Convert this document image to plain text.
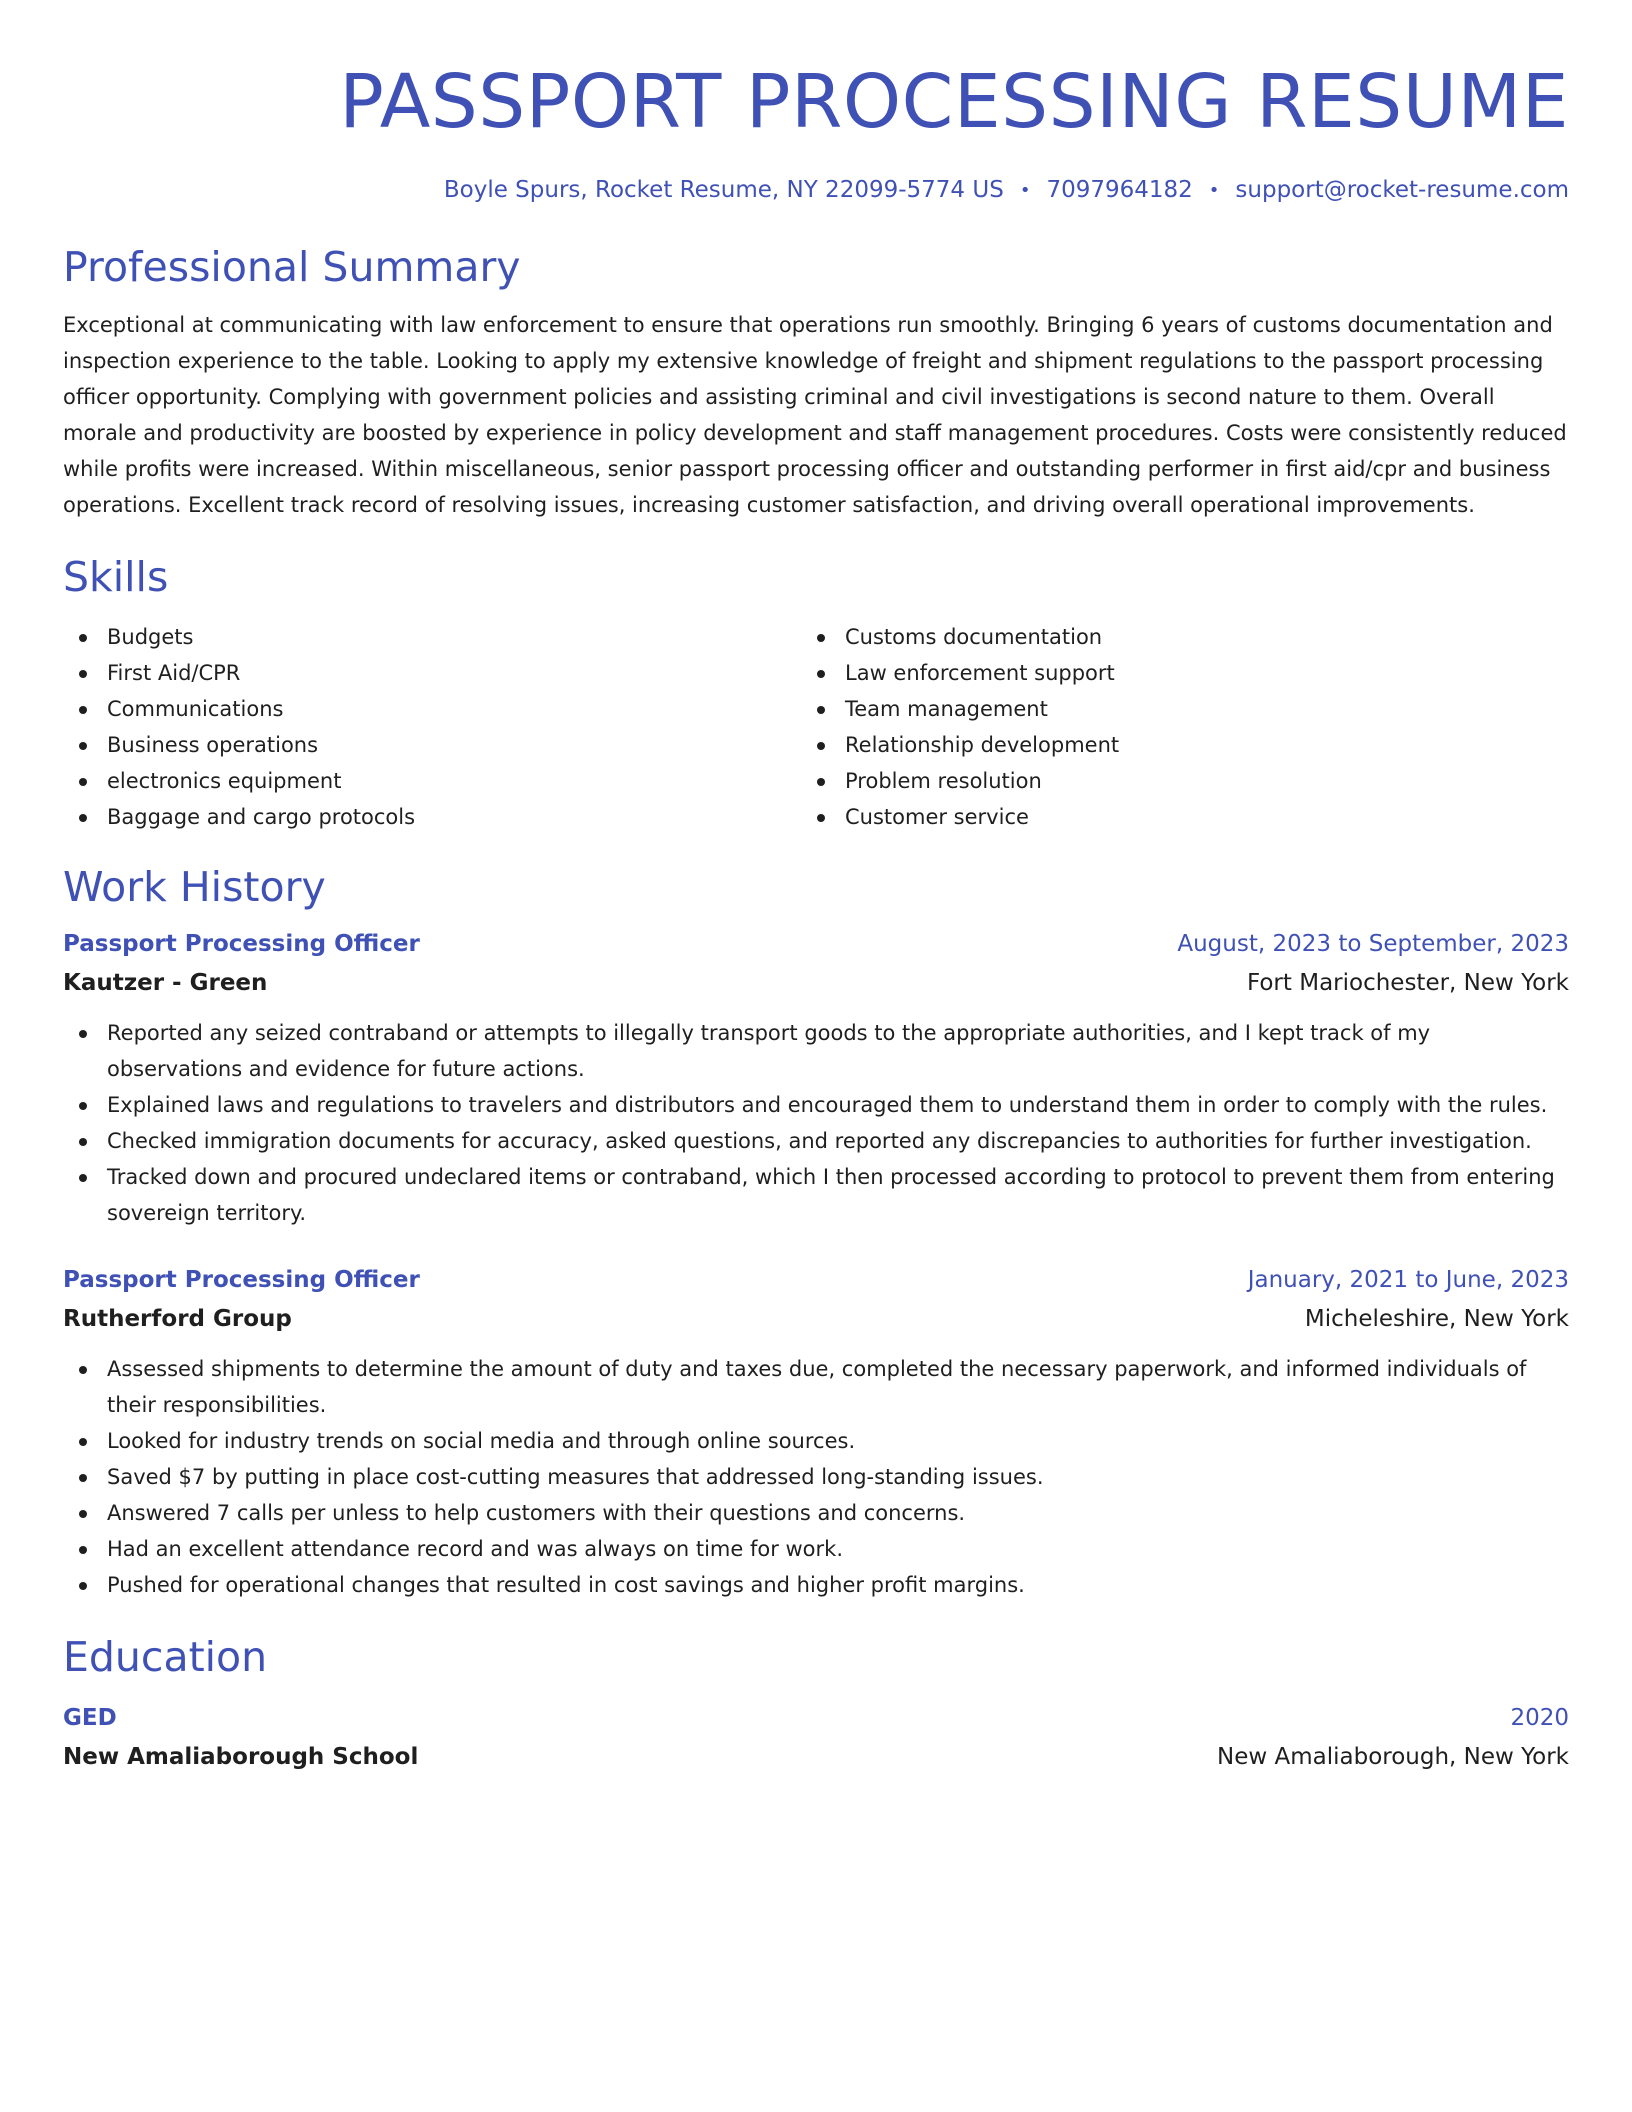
PASSPORT PROCESSING RESUME
Boyle Spurs, Rocket Resume, NY 22099-5774 US • 7097964182 • support@rocket-resume.com
Professional Summary

Exceptional at communicating with law enforcement to ensure that operations run smoothly. Bringing 6 years of customs documentation and inspection experience to the table. Looking to apply my extensive knowledge of freight and shipment regulations to the passport processing officer opportunity. Complying with government policies and assisting criminal and civil investigations is second nature to them. Overall morale and productivity are boosted by experience in policy development and staff management procedures. Costs were consistently reduced while profits were increased. Within miscellaneous, senior passport processing officer and outstanding performer in first aid/cpr and business operations. Excellent track record of resolving issues, increasing customer satisfaction, and driving overall operational improvements.

Skills
Budgets
First Aid/CPR
Communications
Business operations
electronics equipment
Baggage and cargo protocols
Customs documentation
Law enforcement support
Team management
Relationship development
Problem resolution
Customer service
Work History
Passport Processing Officer	August, 2023 to September, 2023
Kautzer - Green	Fort Mariochester, New York
Reported any seized contraband or attempts to illegally transport goods to the appropriate authorities, and I kept track of my observations and evidence for future actions.
Explained laws and regulations to travelers and distributors and encouraged them to understand them in order to comply with the rules.
Checked immigration documents for accuracy, asked questions, and reported any discrepancies to authorities for further investigation.
Tracked down and procured undeclared items or contraband, which I then processed according to protocol to prevent them from entering sovereign territory.
Passport Processing Officer	January, 2021 to June, 2023
Rutherford Group	Micheleshire, New York
Assessed shipments to determine the amount of duty and taxes due, completed the necessary paperwork, and informed individuals of their responsibilities.
Looked for industry trends on social media and through online sources.
Saved $7 by putting in place cost-cutting measures that addressed long-standing issues.
Answered 7 calls per unless to help customers with their questions and concerns.
Had an excellent attendance record and was always on time for work.
Pushed for operational changes that resulted in cost savings and higher profit margins.
Education
GED	2020
New Amaliaborough School	New Amaliaborough, New York
